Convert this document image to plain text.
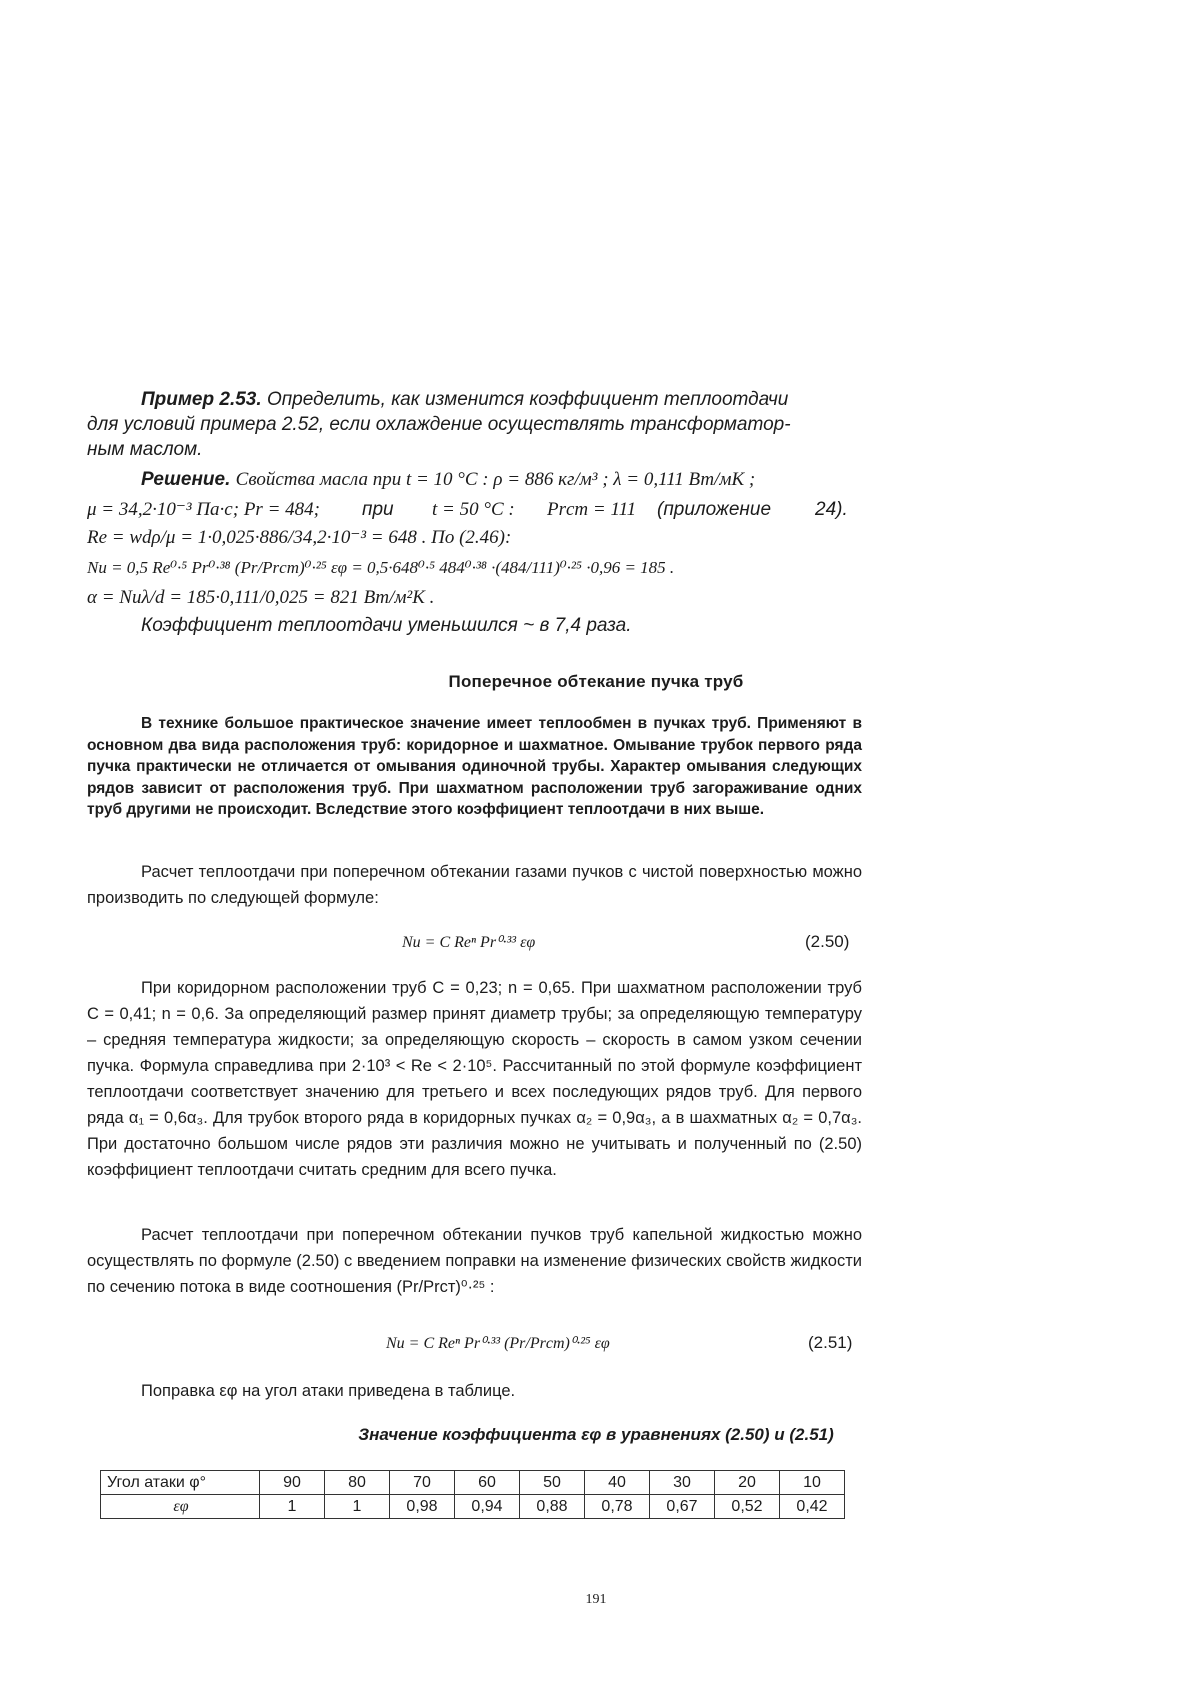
Пример 2.53. Определить, как изменится коэффициент теплоотдачи
для условий примера 2.52, если охлаждение осуществлять трансформатор-
ным маслом.
Решение. Свойства масла при t = 10 °C : ρ = 886 кг/м³ ; λ = 0,111 Вт/мК ;
μ = 34,2·10⁻³ Па·с; Pr = 484; при t = 50 °C : Prст = 111 (приложение 24).
Re = wdρ/μ = 1·0,025·886/34,2·10⁻³ = 648 . По (2.46):
Nu = 0,5 Re⁰·⁵ Pr⁰·³⁸ (Pr/Prст)⁰·²⁵ εφ = 0,5·648⁰·⁵ 484⁰·³⁸ ·(484/111)⁰·²⁵ ·0,96 = 185 .
α = Nuλ/d = 185·0,111/0,025 = 821 Вт/м²К .
Коэффициент теплоотдачи уменьшился ~ в 7,4 раза.
Поперечное обтекание пучка труб
В технике большое практическое значение имеет теплообмен в пучках труб. Применяют в основном два вида расположения труб: коридорное и шахматное. Омывание трубок первого ряда пучка практически не отличается от омывания одиночной трубы. Характер омывания следующих рядов зависит от расположения труб. При шахматном расположении труб загораживание одних труб другими не происходит. Вследствие этого коэффициент теплоотдачи в них выше.
Расчет теплоотдачи при поперечном обтекании газами пучков с чистой поверхностью можно производить по следующей формуле:
Nu = C Reⁿ Pr⁰·³³ εφ	(2.50)
При коридорном расположении труб C = 0,23; n = 0,65. При шахматном расположении труб C = 0,41; n = 0,6. За определяющий размер принят диаметр трубы; за определяющую температуру – средняя температура жидкости; за определяющую скорость – скорость в самом узком сечении пучка. Формула справедлива при 2·10³ < Re < 2·10⁵. Рассчитанный по этой формуле коэффициент теплоотдачи соответствует значению для третьего и всех последующих рядов труб. Для первого ряда α₁ = 0,6α₃. Для трубок второго ряда в коридорных пучках α₂ = 0,9α₃, а в шахматных α₂ = 0,7α₃. При достаточно большом числе рядов эти различия можно не учитывать и полученный по (2.50) коэффициент теплоотдачи считать средним для всего пучка.
Расчет теплоотдачи при поперечном обтекании пучков труб капельной жидкостью можно осуществлять по формуле (2.50) с введением поправки на изменение физических свойств жидкости по сечению потока в виде соотношения (Pr/Prст)⁰·²⁵ :
Nu = C Reⁿ Pr⁰·³³ (Pr/Prст)⁰·²⁵ εφ	(2.51)
Поправка εφ на угол атаки приведена в таблице.
Значение коэффициента εφ в уравнениях (2.50) и (2.51)
Угол атаки φ°	90	80	70	60	50	40	30	20	10
εφ	1	1	0,98	0,94	0,88	0,78	0,67	0,52	0,42
191
